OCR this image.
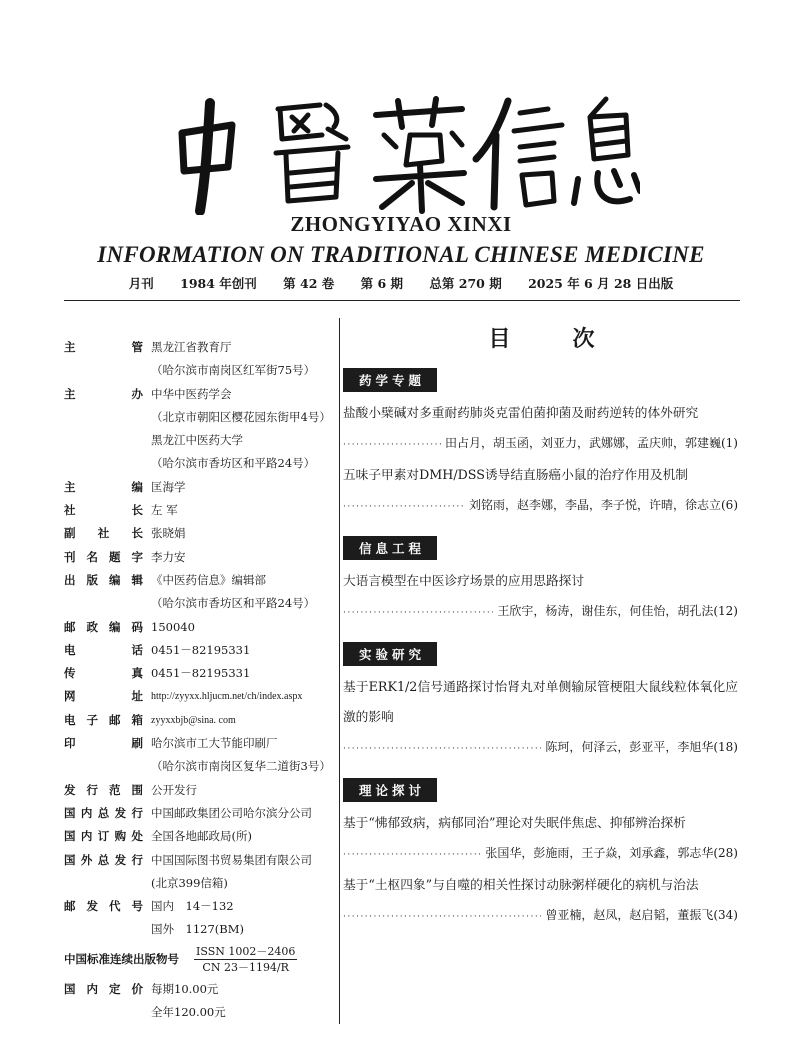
ZHONGYIYAO XINXI
INFORMATION ON TRADITIONAL CHINESE MEDICINE
月刊 1984 年创刊 第 42 卷 第 6 期 总第 270 期 2025 年 6 月 28 日出版
主	管 黑龙江省教育厅
（哈尔滨市南岗区红军街75号）
主	办 中华中医药学会
（北京市朝阳区樱花园东街甲4号）
黑龙江中医药大学
（哈尔滨市香坊区和平路24号）
主	编 匡海学
社	长 左 军
副 社 长 张晓娟
刊 名 题 字 李力安
出 版 编 辑 《中医药信息》编辑部
（哈尔滨市香坊区和平路24号）
邮 政 编 码 150040
电	话 0451－82195331
传	真 0451－82195331
网	址 http://zyyxx.hljucm.net/ch/index.aspx
电 子 邮 箱 zyyxxbjb@sina. com
印	刷 哈尔滨市工大节能印刷厂
（哈尔滨市南岗区复华二道街3号）
发 行 范 围 公开发行
国 内 总 发 行 中国邮政集团公司哈尔滨分公司
国 内 订 购 处 全国各地邮政局(所)
国 外 总 发 行 中国国际图书贸易集团有限公司
(北京399信箱)
邮 发 代 号 国内　14－132
国外　1127(BM)
中国标准连续出版物号	$\frac{\text{ISSN 1002－2406}}{CN 23-1194/R}$
国 内 定 价 每期10.00元
全年120.00元
目次
药学专题
盐酸小檗碱对多重耐药肺炎克雷伯菌抑菌及耐药逆转的体外研究
·····
田占月，胡玉函，刘亚力，武娜娜，孟庆帅，郭建巍(1)
五味子甲素对DMH/DSS诱导结直肠癌小鼠的治疗作用及机制
·····
刘铭雨，赵李娜，李晶，李子悦，许晴，徐志立(6)
信息工程
大语言模型在中医诊疗场景的应用思路探讨
·····
王欣宇，杨涛，谢佳东，何佳怡，胡孔法(12)
实验研究
基于ERK1/2信号通路探讨怡肾丸对单侧输尿管梗阻大鼠线粒体氧化应激的影响
·····
陈珂，何泽云，彭亚平，李旭华(18)
理论探讨
基于“怫郁致病，病郁同治”理论对失眠伴焦虑、抑郁辨治探析
·····
张国华，彭施雨，王子焱，刘承鑫，郭志华(28)
基于“土枢四象”与自噬的相关性探讨动脉粥样硬化的病机与治法
·····
曾亚楠，赵凤，赵启韬，董振飞(34)
